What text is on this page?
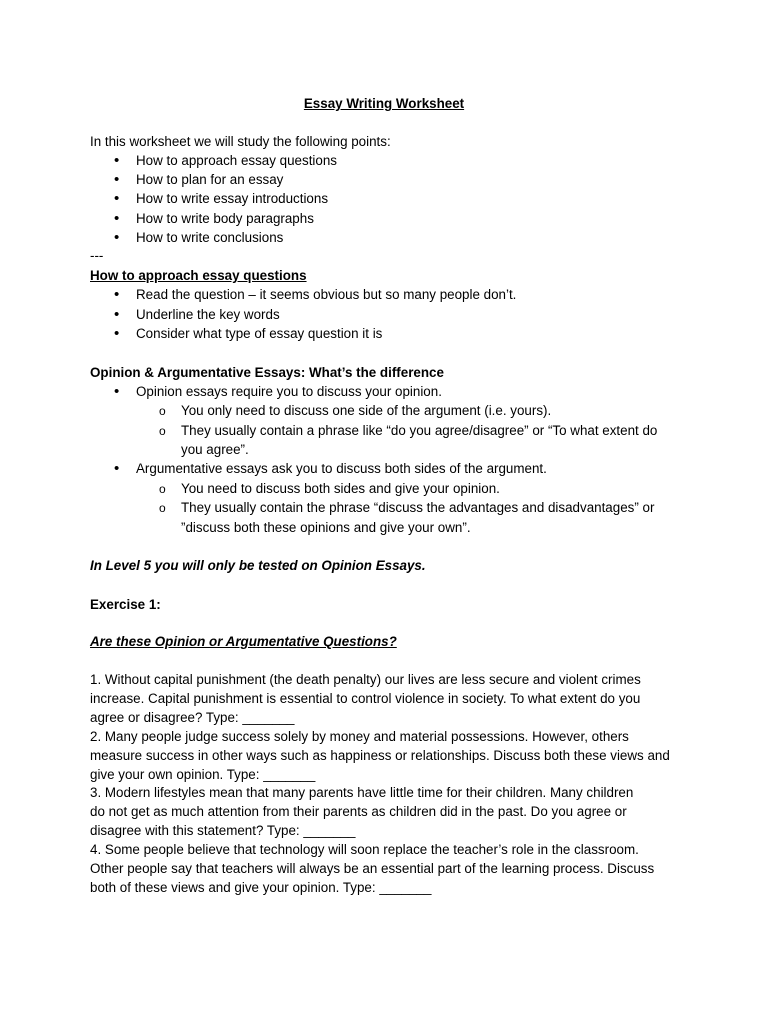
Essay Writing Worksheet
In this worksheet we will study the following points:
•
How to approach essay questions
•
How to plan for an essay
•
How to write essay introductions
•
How to write body paragraphs
•
How to write conclusions
---
How to approach essay questions
•
Read the question – it seems obvious but so many people don’t.
•
Underline the key words
•
Consider what type of essay question it is
Opinion & Argumentative Essays: What’s the difference
•
Opinion essays require you to discuss your opinion.
o
You only need to discuss one side of the argument (i.e. yours).
o
They usually contain a phrase like “do you agree/disagree” or “To what extent do
you agree”.
•
Argumentative essays ask you to discuss both sides of the argument.
o
You need to discuss both sides and give your opinion.
o
They usually contain the phrase “discuss the advantages and disadvantages” or
”discuss both these opinions and give your own”.
In Level 5 you will only be tested on Opinion Essays.
Exercise 1:
Are these Opinion or Argumentative Questions?
1. Without capital punishment (the death penalty) our lives are less secure and violent crimes
increase. Capital punishment is essential to control violence in society. To what extent do you
agree or disagree? Type: _______
2. Many people judge success solely by money and material possessions. However, others
measure success in other ways such as happiness or relationships. Discuss both these views and
give your own opinion. Type: _______
3. Modern lifestyles mean that many parents have little time for their children. Many children
do not get as much attention from their parents as children did in the past. Do you agree or
disagree with this statement? Type: _______
4. Some people believe that technology will soon replace the teacher’s role in the classroom.
Other people say that teachers will always be an essential part of the learning process. Discuss
both of these views and give your opinion. Type: _______
